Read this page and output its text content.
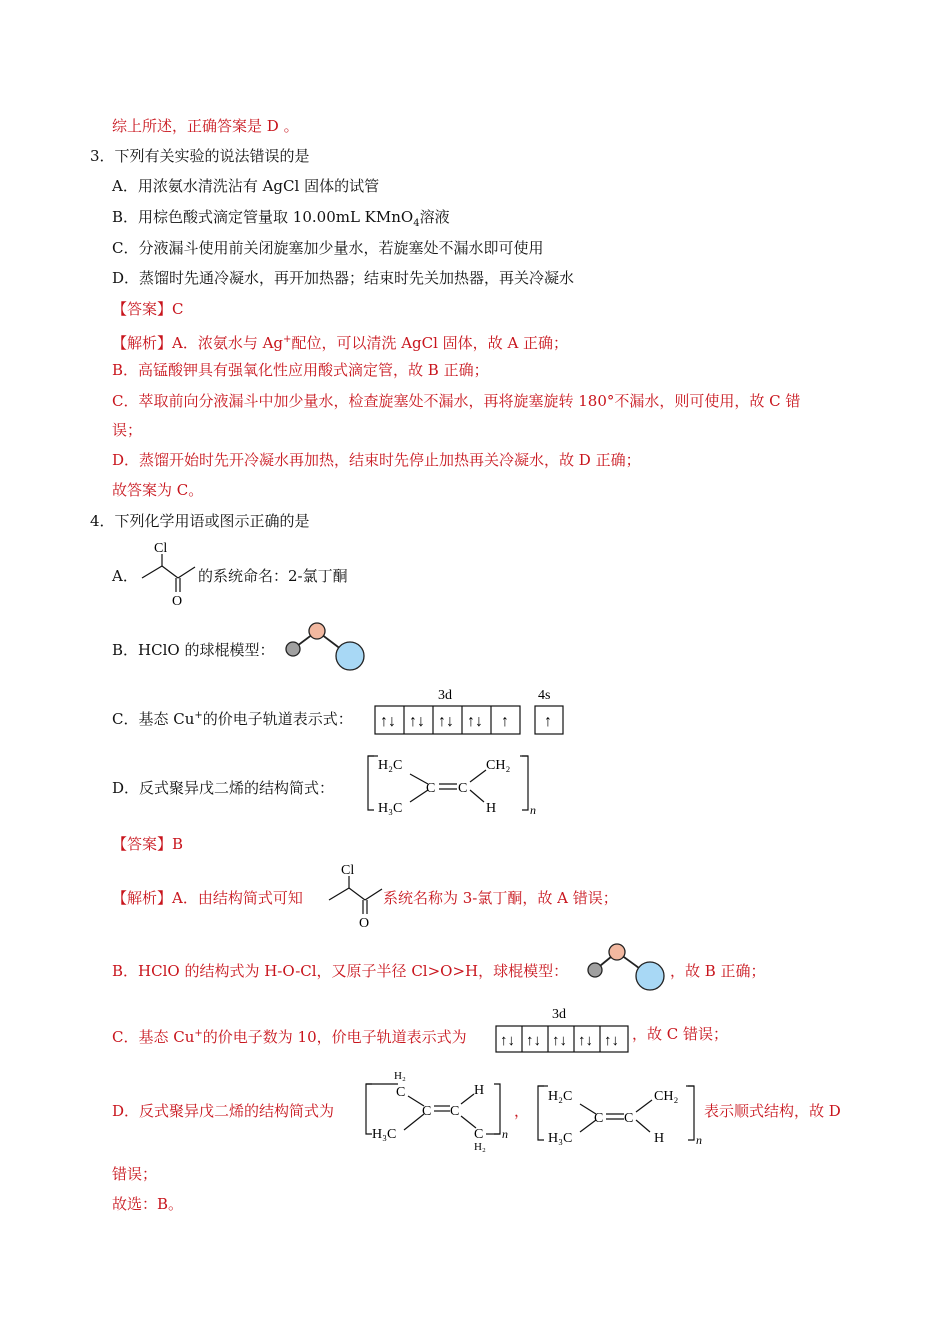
综上所述，正确答案是 D 。
3．下列有关实验的说法错误的是
A．用浓氨水清洗沾有 AgCl 固体的试管
B．用棕色酸式滴定管量取 10.00mL KMnO$_4$溶液
C．分液漏斗使用前关闭旋塞加少量水，若旋塞处不漏水即可使用
D．蒸馏时先通冷凝水，再开加热器；结束时先关加热器，再关冷凝水
【答案】C
【解析】A．浓氨水与 Ag+配位，可以清洗 AgCl 固体，故 A 正确；
B．高锰酸钾具有强氧化性应用酸式滴定管，故 B 正确；
C．萃取前向分液漏斗中加少量水，检查旋塞处不漏水，再将旋塞旋转 180°不漏水，则可使用，故 C 错
误；
D．蒸馏开始时先开冷凝水再加热，结束时先停止加热再关冷凝水，故 D 正确；
故答案为 C。
4．下列化学用语或图示正确的是
A．	的系统命名：2-氯丁酮
B．HClO 的球棍模型：
C．基态 Cu+的价电子轨道表示式：
D．反式聚异戊二烯的结构简式：
【答案】B
【解析】A．由结构简式可知	系统名称为 3-氯丁酮，故 A 错误；
B．HClO 的结构式为 H-O-Cl，又原子半径 Cl>O>H，球棍模型：	，故 B 正确；
C．基态 Cu+的价电子数为 10，价电子轨道表示式为	，故 C 错误；
D．反式聚异戊二烯的结构简式为	，	表示顺式结构，故 D
错误；
故选：B。
Cl
O
3d	4s
↑↓ ↑↓ ↑↓ ↑↓ ↑ ↑
H₂C
H₃C
C C
CH₂
H	n
Cl
O
3d
↑↓ ↑↓ ↑↓ ↑↓ ↑↓
H₂
C
H₃C
C C
H
C
H₂
n
H₂C
H₃C
C C
CH₂
H	n
